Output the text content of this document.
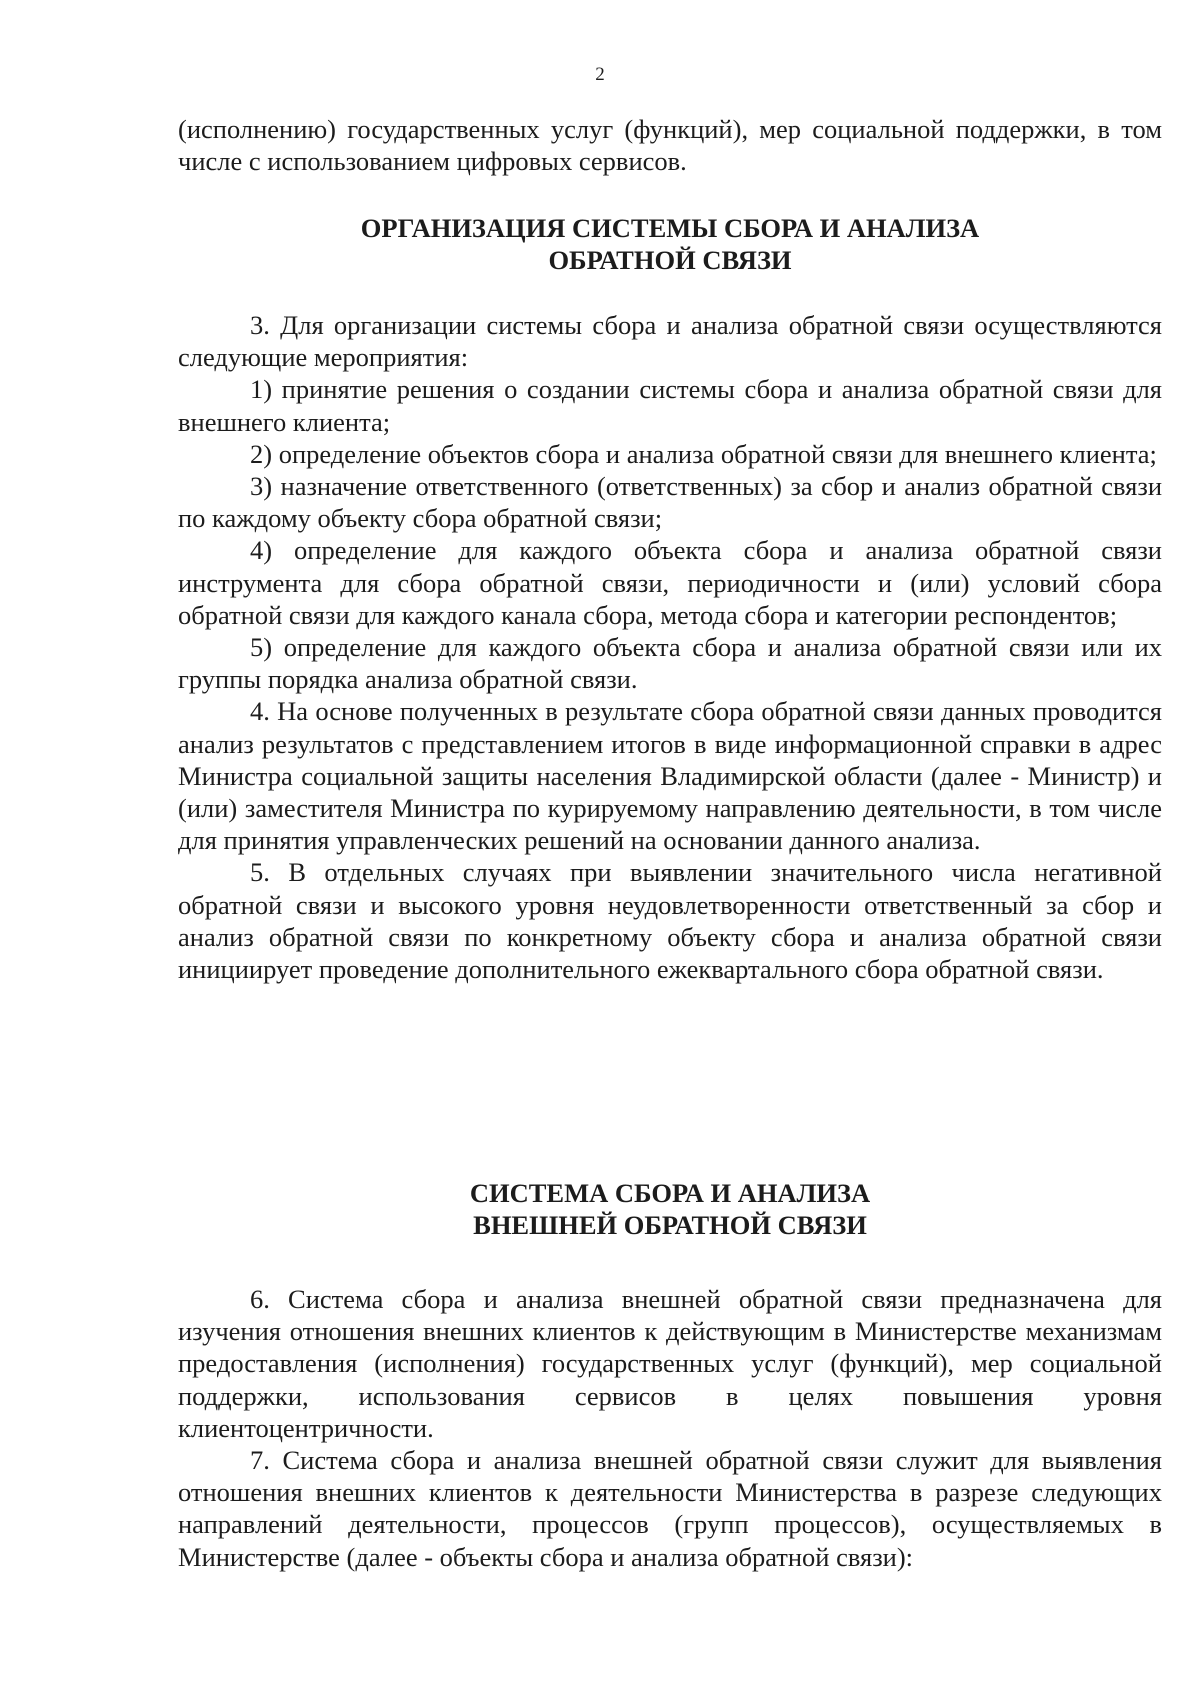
2

(исполнению) государственных услуг (функций), мер социальной поддержки, в том числе с использованием цифровых сервисов.

ОРГАНИЗАЦИЯ СИСТЕМЫ СБОРА И АНАЛИЗА
ОБРАТНОЙ СВЯЗИ

3. Для организации системы сбора и анализа обратной связи осуществляются следующие мероприятия:

1) принятие решения о создании системы сбора и анализа обратной связи для внешнего клиента;

2) определение объектов сбора и анализа обратной связи для внешнего клиента;

3) назначение ответственного (ответственных) за сбор и анализ обратной связи по каждому объекту сбора обратной связи;

4) определение для каждого объекта сбора и анализа обратной связи инструмента для сбора обратной связи, периодичности и (или) условий сбора обратной связи для каждого канала сбора, метода сбора и категории респондентов;

5) определение для каждого объекта сбора и анализа обратной связи или их группы порядка анализа обратной связи.

4. На основе полученных в результате сбора обратной связи данных проводится анализ результатов с представлением итогов в виде информационной справки в адрес Министра социальной защиты населения Владимирской области (далее - Министр) и (или) заместителя Министра по курируемому направлению деятельности, в том числе для принятия управленческих решений на основании данного анализа.

5. В отдельных случаях при выявлении значительного числа негативной обратной связи и высокого уровня неудовлетворенности ответственный за сбор и анализ обратной связи по конкретному объекту сбора и анализа обратной связи инициирует проведение дополнительного ежеквартального сбора обратной связи.

СИСТЕМА СБОРА И АНАЛИЗА
ВНЕШНЕЙ ОБРАТНОЙ СВЯЗИ

6. Система сбора и анализа внешней обратной связи предназначена для изучения отношения внешних клиентов к действующим в Министерстве механизмам предоставления (исполнения) государственных услуг (функций), мер социальной поддержки, использования сервисов в целях повышения уровня клиентоцентричности.

7. Система сбора и анализа внешней обратной связи служит для выявления отношения внешних клиентов к деятельности Министерства в разрезе следующих направлений деятельности, процессов (групп процессов), осуществляемых в Министерстве (далее - объекты сбора и анализа обратной связи):
